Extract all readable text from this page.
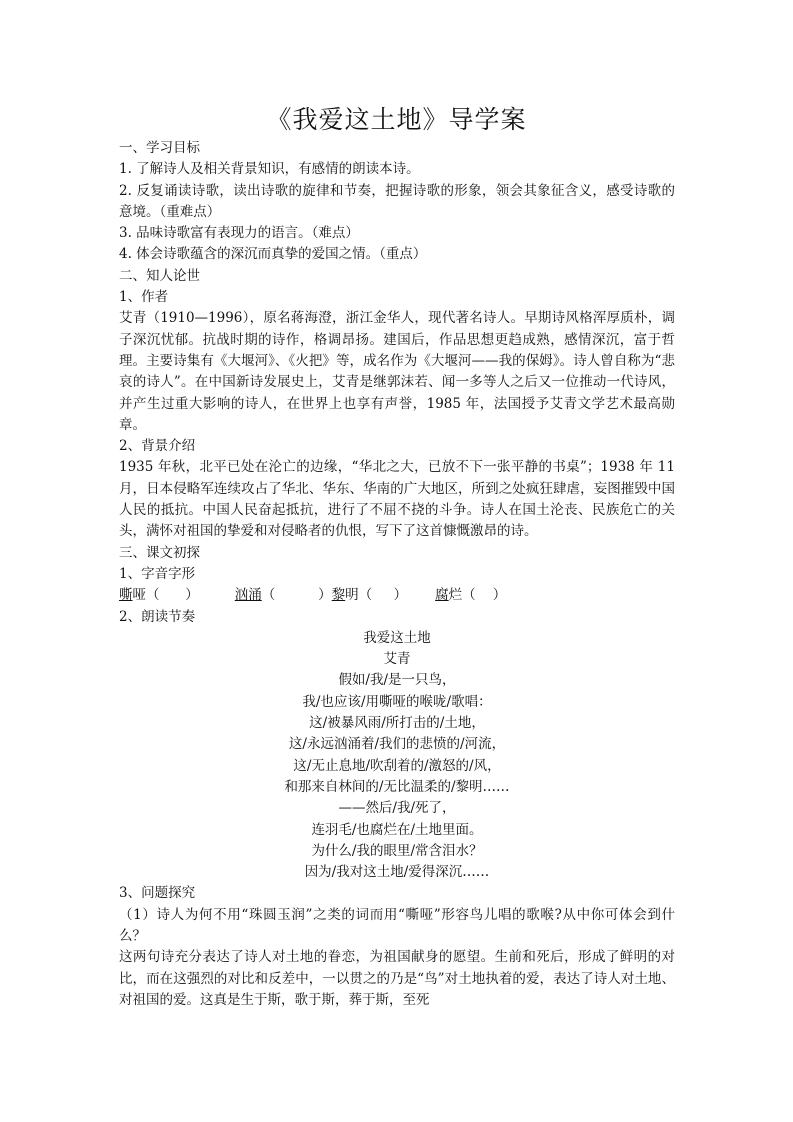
《我爱这土地》导学案

一、学习目标

1. 了解诗人及相关背景知识，有感情的朗读本诗。

2. 反复诵读诗歌，读出诗歌的旋律和节奏，把握诗歌的形象，领会其象征含义，感受诗歌的意境。（重难点）

3. 品味诗歌富有表现力的语言。（难点）

4. 体会诗歌蕴含的深沉而真挚的爱国之情。（重点）

二、知人论世

1、作者

艾青（1910—1996），原名蒋海澄，浙江金华人，现代著名诗人。早期诗风格浑厚质朴，调子深沉忧郁。抗战时期的诗作，格调昂扬。建国后，作品思想更趋成熟，感情深沉，富于哲理。主要诗集有《大堰河》、《火把》等，成名作为《大堰河——我的保姆》。诗人曾自称为“悲哀的诗人”。在中国新诗发展史上，艾青是继郭沫若、闻一多等人之后又一位推动一代诗风，并产生过重大影响的诗人，在世界上也享有声誉，1985 年，法国授予艾青文学艺术最高勋章。

2、背景介绍

1935 年秋，北平已处在沦亡的边缘，“华北之大，已放不下一张平静的书桌”；1938 年 11 月，日本侵略军连续攻占了华北、华东、华南的广大地区，所到之处疯狂肆虐，妄图摧毁中国人民的抵抗。中国人民奋起抵抗，进行了不屈不挠的斗争。诗人在国土沦丧、民族危亡的关头，满怀对祖国的挚爱和对侵略者的仇恨，写下了这首慷慨激昂的诗。

三、课文初探

1、字音字形

嘶哑（      ）	汹涌（          ） 黎明（     ） 腐烂（    ）

2、朗读节奏

我爱这土地
艾青
假如/我/是一只鸟，
我/也应该/用嘶哑的喉咙/歌唱：
这/被暴风雨/所打击的/土地，
这/永远汹涌着/我们的悲愤的/河流，
这/无止息地/吹刮着的/激怒的/风，
和那来自林间的/无比温柔的/黎明……
——然后/我/死了，
连羽毛/也腐烂在/土地里面。
为什么/我的眼里/常含泪水？
因为/我对这土地/爱得深沉……

3、问题探究

（1）诗人为何不用“珠圆玉润”之类的词而用“嘶哑”形容鸟儿唱的歌喉?从中你可体会到什么？

这两句诗充分表达了诗人对土地的眷恋，为祖国献身的愿望。生前和死后，形成了鲜明的对比，而在这强烈的对比和反差中，一以贯之的乃是“鸟”对土地执着的爱，表达了诗人对土地、对祖国的爱。这真是生于斯，歌于斯，葬于斯，至死
